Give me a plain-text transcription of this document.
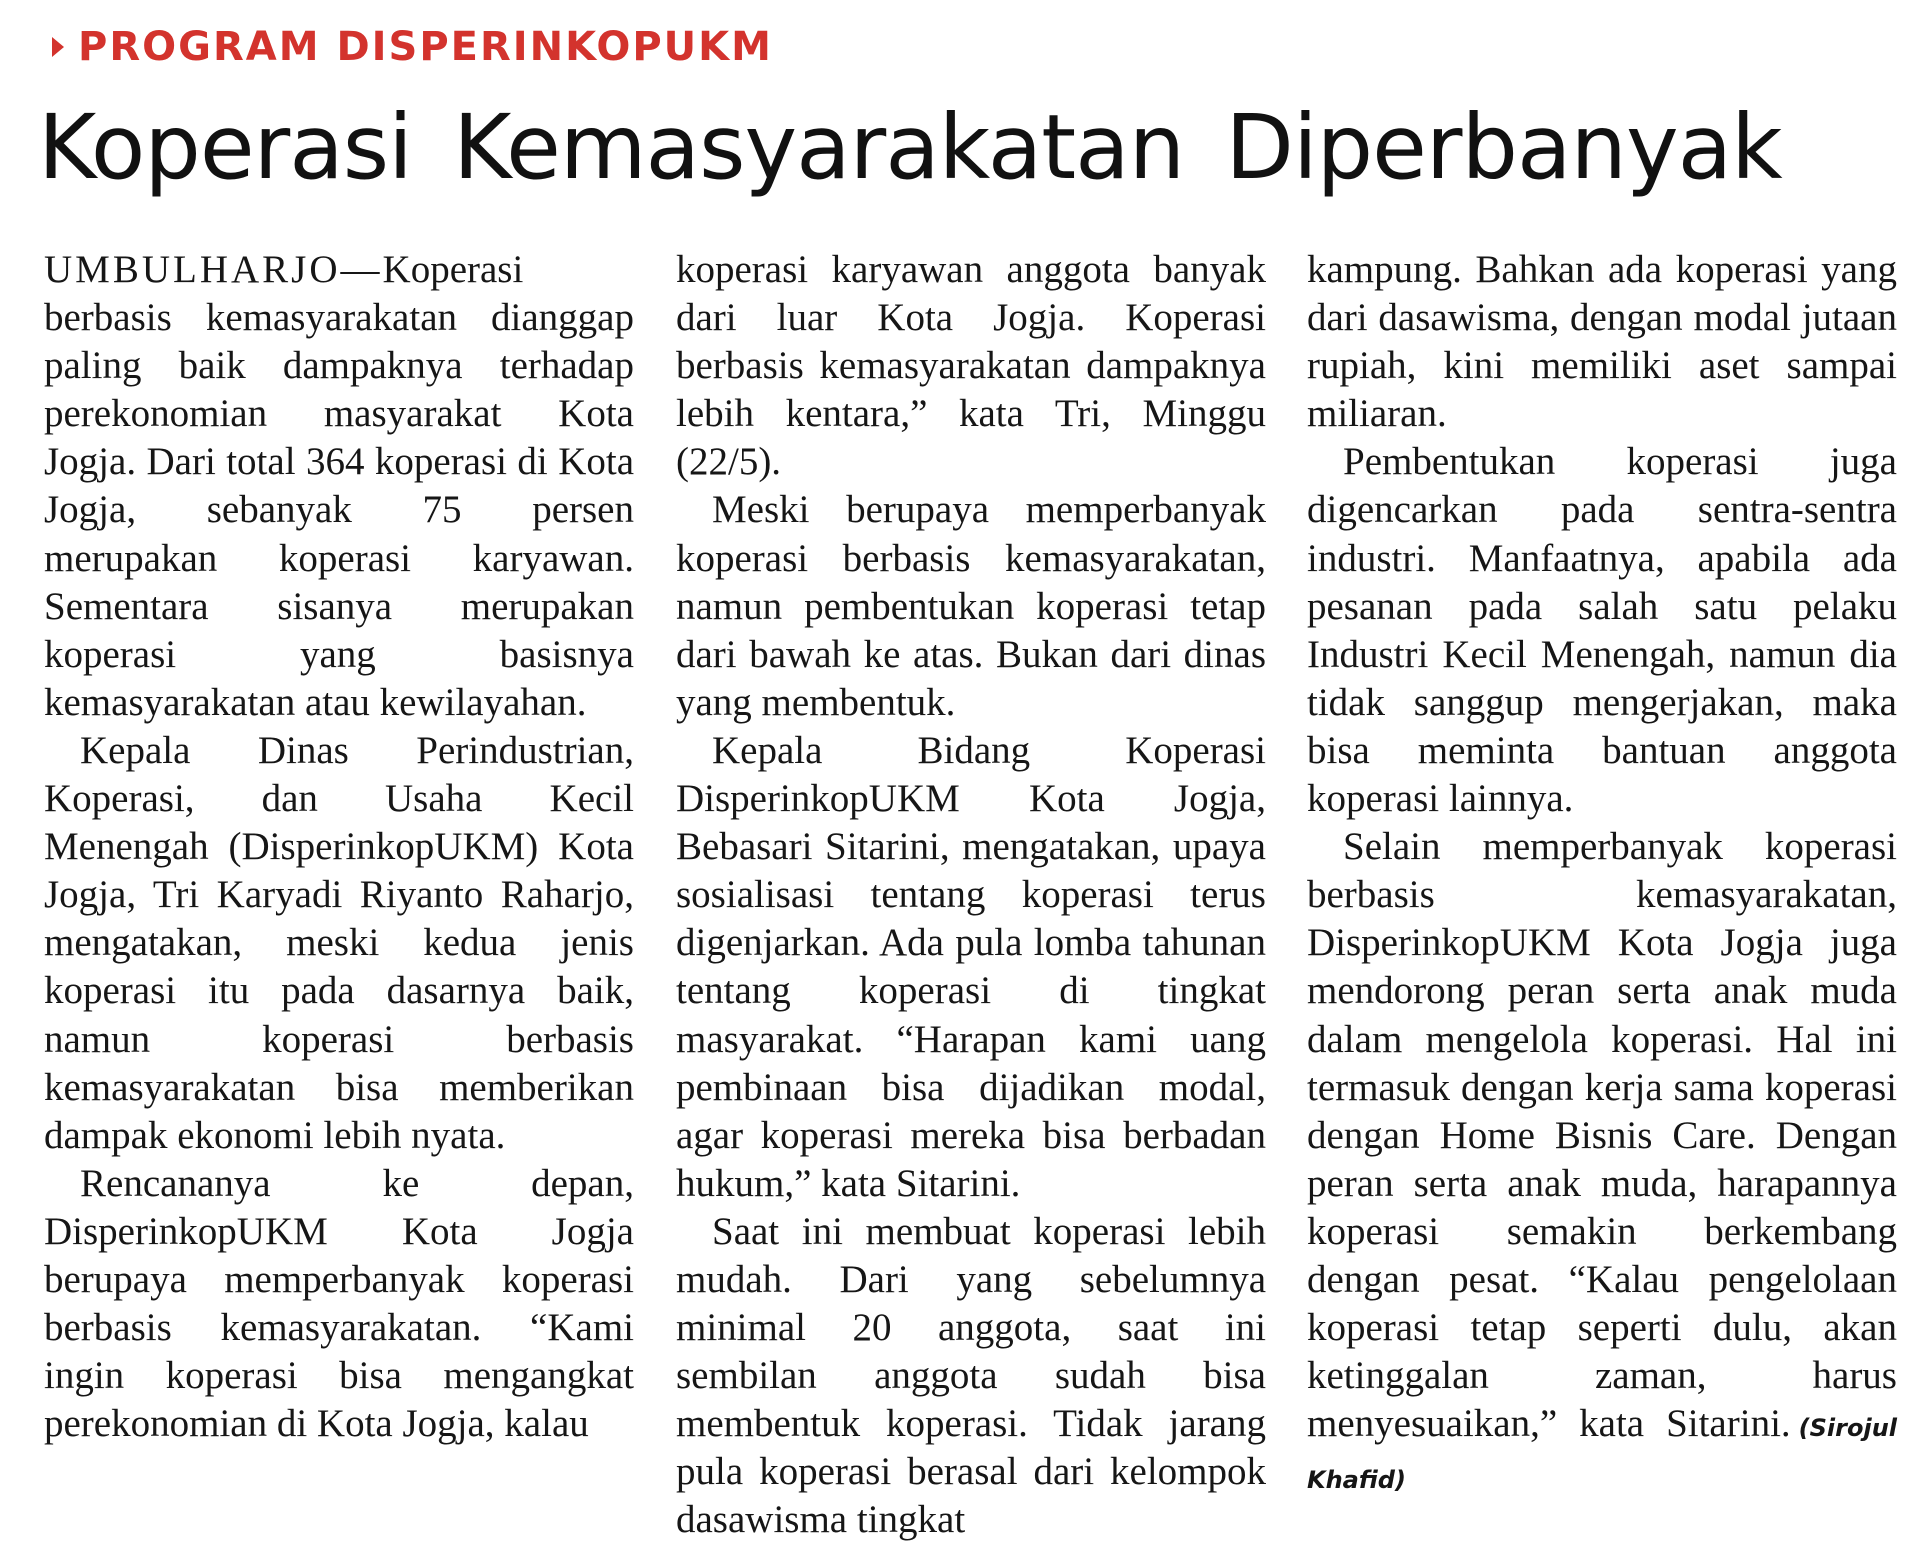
PROGRAM DISPERINKOPUKM
Koperasi Kemasyarakatan Diperbanyak

UMBULHARJO—Koperasi berbasis kemasyarakatan dianggap paling baik dampaknya terhadap perekonomian masyarakat Kota Jogja. Dari total 364 koperasi di Kota Jogja, sebanyak 75 persen merupakan koperasi karyawan. Sementara sisanya merupakan koperasi yang basisnya kemasyarakatan atau kewilayahan.

Kepala Dinas Perindustrian, Koperasi, dan Usaha Kecil Menengah (DisperinkopUKM) Kota Jogja, Tri Karyadi Riyanto Raharjo, mengatakan, meski kedua jenis koperasi itu pada dasarnya baik, namun koperasi berbasis kemasyarakatan bisa memberikan dampak ekonomi lebih nyata.

Rencananya ke depan, DisperinkopUKM Kota Jogja berupaya memperbanyak koperasi berbasis kemasyarakatan. “Kami ingin koperasi bisa mengangkat perekonomian di Kota Jogja, kalau

koperasi karyawan anggota banyak dari luar Kota Jogja. Koperasi berbasis kemasyarakatan dampaknya lebih kentara,” kata Tri, Minggu (22/5).

Meski berupaya memperbanyak koperasi berbasis kemasyarakatan, namun pembentukan koperasi tetap dari bawah ke atas. Bukan dari dinas yang membentuk.

Kepala Bidang Koperasi DisperinkopUKM Kota Jogja, Bebasari Sitarini, mengatakan, upaya sosialisasi tentang koperasi terus digenjarkan. Ada pula lomba tahunan tentang koperasi di tingkat masyarakat. “Harapan kami uang pembinaan bisa dijadikan modal, agar koperasi mereka bisa berbadan hukum,” kata Sitarini.

Saat ini membuat koperasi lebih mudah. Dari yang sebelumnya minimal 20 anggota, saat ini sembilan anggota sudah bisa membentuk koperasi. Tidak jarang pula koperasi berasal dari kelompok dasawisma tingkat

kampung. Bahkan ada koperasi yang dari dasawisma, dengan modal jutaan rupiah, kini memiliki aset sampai miliaran.

Pembentukan koperasi juga digencarkan pada sentra-sentra industri. Manfaatnya, apabila ada pesanan pada salah satu pelaku Industri Kecil Menengah, namun dia tidak sanggup mengerjakan, maka bisa meminta bantuan anggota koperasi lainnya.

Selain memperbanyak koperasi berbasis kemasyarakatan, DisperinkopUKM Kota Jogja juga mendorong peran serta anak muda dalam mengelola koperasi. Hal ini termasuk dengan kerja sama koperasi dengan Home Bisnis Care. Dengan peran serta anak muda, harapannya koperasi semakin berkembang dengan pesat. “Kalau pengelolaan koperasi tetap seperti dulu, akan ketinggalan zaman, harus menyesuaikan,” kata Sitarini. (Sirojul Khafid)
